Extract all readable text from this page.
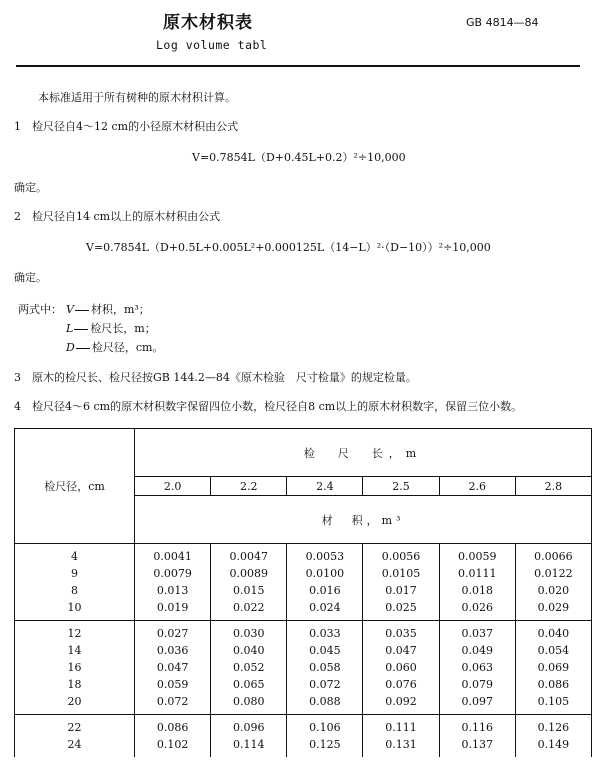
原木材积表
Log volume tabl
GB 4814—84
本标准适用于所有树种的原木材积计算。
1　检尺径自4～12 cm的小径原木材积由公式
V=0.7854L（D+0.45L+0.2）²÷10,000
确定。
2　检尺径自14 cm以上的原木材积由公式
V=0.7854L（D+0.5L+0.005L²+0.000125L（14−L）²·（D−10））²÷10,000
确定。
两式中： V 材积，m³；
L 检尺长，m；
D 检尺径，cm。
3　原木的检尺长、检尺径按GB 144.2—84《原木检验　尺寸检量》的规定检量。
4　检尺径4～6 cm的原木材积数字保留四位小数，检尺径自8 cm以上的原木材积数字，保留三位小数。
检尺径，cm	检　尺　长，m					
	2.0	2.2	2.4	2.5	2.6	2.8
	材　积，m³					
4	0.0041	0.0047	0.0053	0.0056	0.0059	0.0066
9	0.0079	0.0089	0.0100	0.0105	0.0111	0.0122
8	0.013	0.015	0.016	0.017	0.018	0.020
10	0.019	0.022	0.024	0.025	0.026	0.029
12	0.027	0.030	0.033	0.035	0.037	0.040
14	0.036	0.040	0.045	0.047	0.049	0.054
16	0.047	0.052	0.058	0.060	0.063	0.069
18	0.059	0.065	0.072	0.076	0.079	0.086
20	0.072	0.080	0.088	0.092	0.097	0.105
22	0.086	0.096	0.106	0.111	0.116	0.126
24	0.102	0.114	0.125	0.131	0.137	0.149
